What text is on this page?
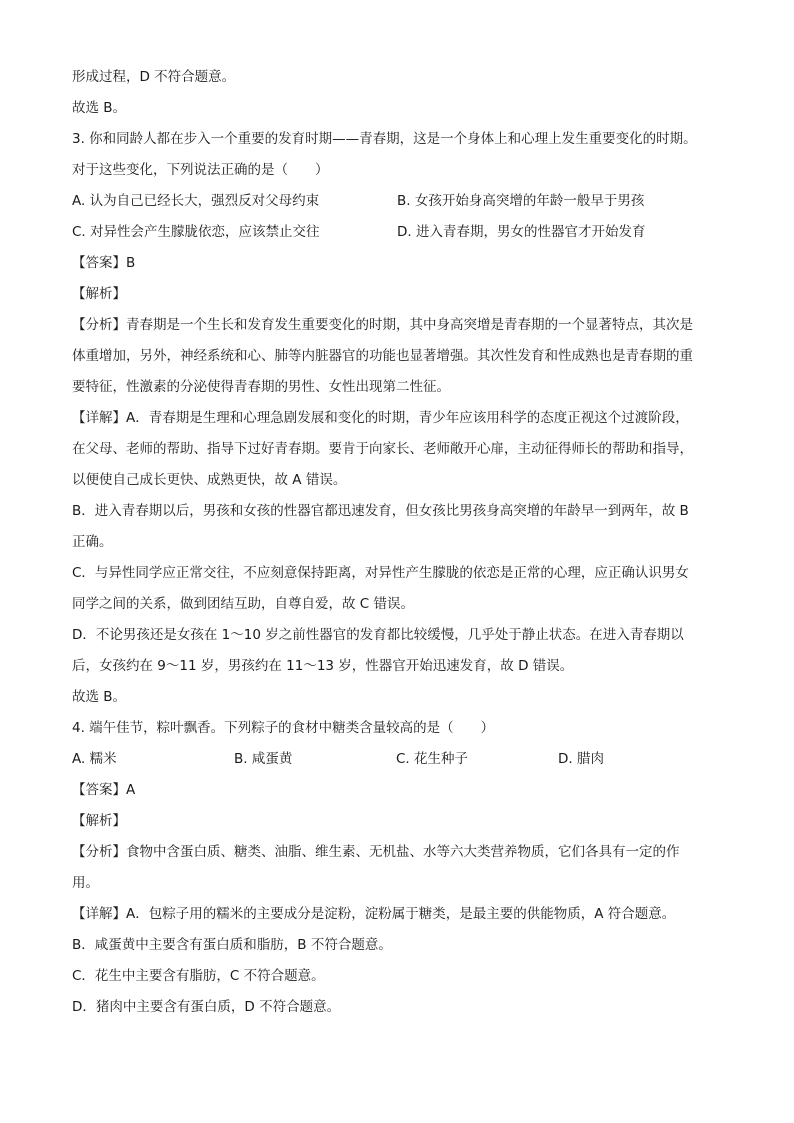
形成过程，D 不符合题意。
故选 B。
3. 你和同龄人都在步入一个重要的发育时期——青春期，这是一个身体上和心理上发生重要变化的时期。
对于这些变化，下列说法正确的是（　　）
A. 认为自己已经长大，强烈反对父母约束	B. 女孩开始身高突增的年龄一般早于男孩
C. 对异性会产生朦胧依恋，应该禁止交往	D. 进入青春期，男女的性器官才开始发育
【答案】B
【解析】
【分析】青春期是一个生长和发育发生重要变化的时期，其中身高突增是青春期的一个显著特点，其次是
体重增加，另外，神经系统和心、肺等内脏器官的功能也显著增强。其次性发育和性成熟也是青春期的重
要特征，性激素的分泌使得青春期的男性、女性出现第二性征。
【详解】A．青春期是生理和心理急剧发展和变化的时期，青少年应该用科学的态度正视这个过渡阶段，
在父母、老师的帮助、指导下过好青春期。要肯于向家长、老师敞开心扉，主动征得师长的帮助和指导，
以便使自己成长更快、成熟更快，故 A 错误。
B．进入青春期以后，男孩和女孩的性器官都迅速发育，但女孩比男孩身高突增的年龄早一到两年，故 B
正确。
C．与异性同学应正常交往，不应刻意保持距离，对异性产生朦胧的依恋是正常的心理，应正确认识男女
同学之间的关系，做到团结互助，自尊自爱，故 C 错误。
D．不论男孩还是女孩在 1～10 岁之前性器官的发育都比较缓慢，几乎处于静止状态。在进入青春期以
后，女孩约在 9～11 岁，男孩约在 11～13 岁，性器官开始迅速发育，故 D 错误。
故选 B。
4. 端午佳节，粽叶飘香。下列粽子的食材中糖类含量较高的是（　　）
A. 糯米	B. 咸蛋黄	C. 花生种子	D. 腊肉
【答案】A
【解析】
【分析】食物中含蛋白质、糖类、油脂、维生素、无机盐、水等六大类营养物质，它们各具有一定的作
用。
【详解】A．包粽子用的糯米的主要成分是淀粉，淀粉属于糖类，是最主要的供能物质，A 符合题意。
B．咸蛋黄中主要含有蛋白质和脂肪，B 不符合题意。
C．花生中主要含有脂肪，C 不符合题意。
D．猪肉中主要含有蛋白质，D 不符合题意。
